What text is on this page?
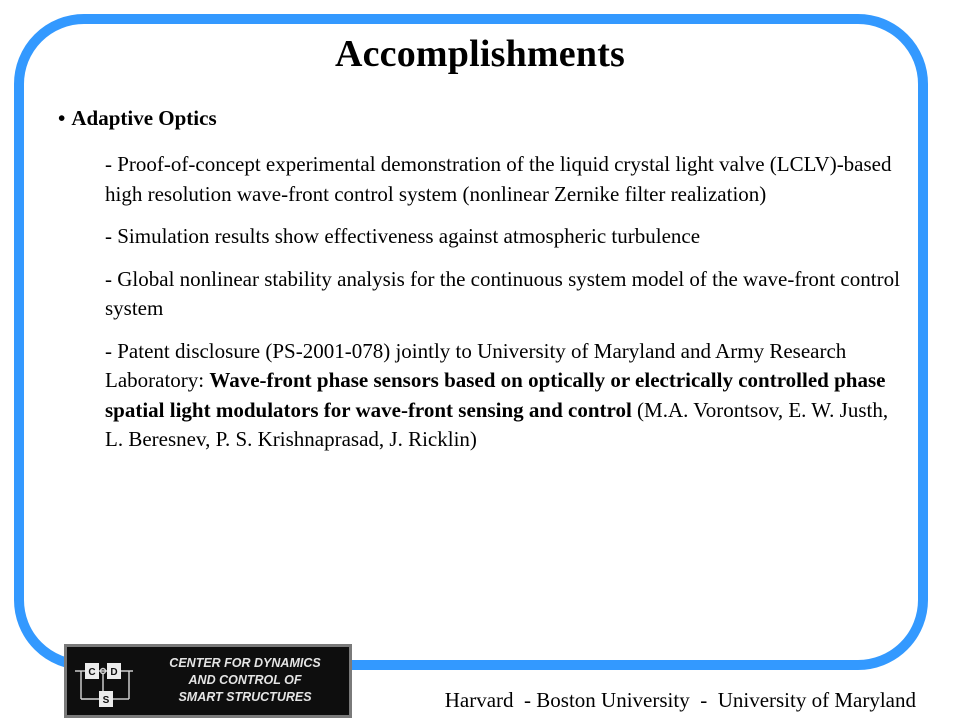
Accomplishments
• Adaptive Optics

- Proof-of-concept experimental demonstration of the liquid crystal light valve (LCLV)-based high resolution wave-front control system (nonlinear Zernike filter realization)

- Simulation results show effectiveness against atmospheric turbulence

- Global nonlinear stability analysis for the continuous system model of the wave-front control system

- Patent disclosure (PS-2001-078) jointly to University of Maryland and Army Research Laboratory: Wave-front phase sensors based on optically or electrically controlled phase spatial light modulators for wave-front sensing and control (M.A. Vorontsov, E. W. Justh, L. Beresnev, P. S. Krishnaprasad, J. Ricklin)

C D
S
CENTER FOR DYNAMICS
AND CONTROL OF
SMART STRUCTURES	Harvard  - Boston University  -  University of Maryland
